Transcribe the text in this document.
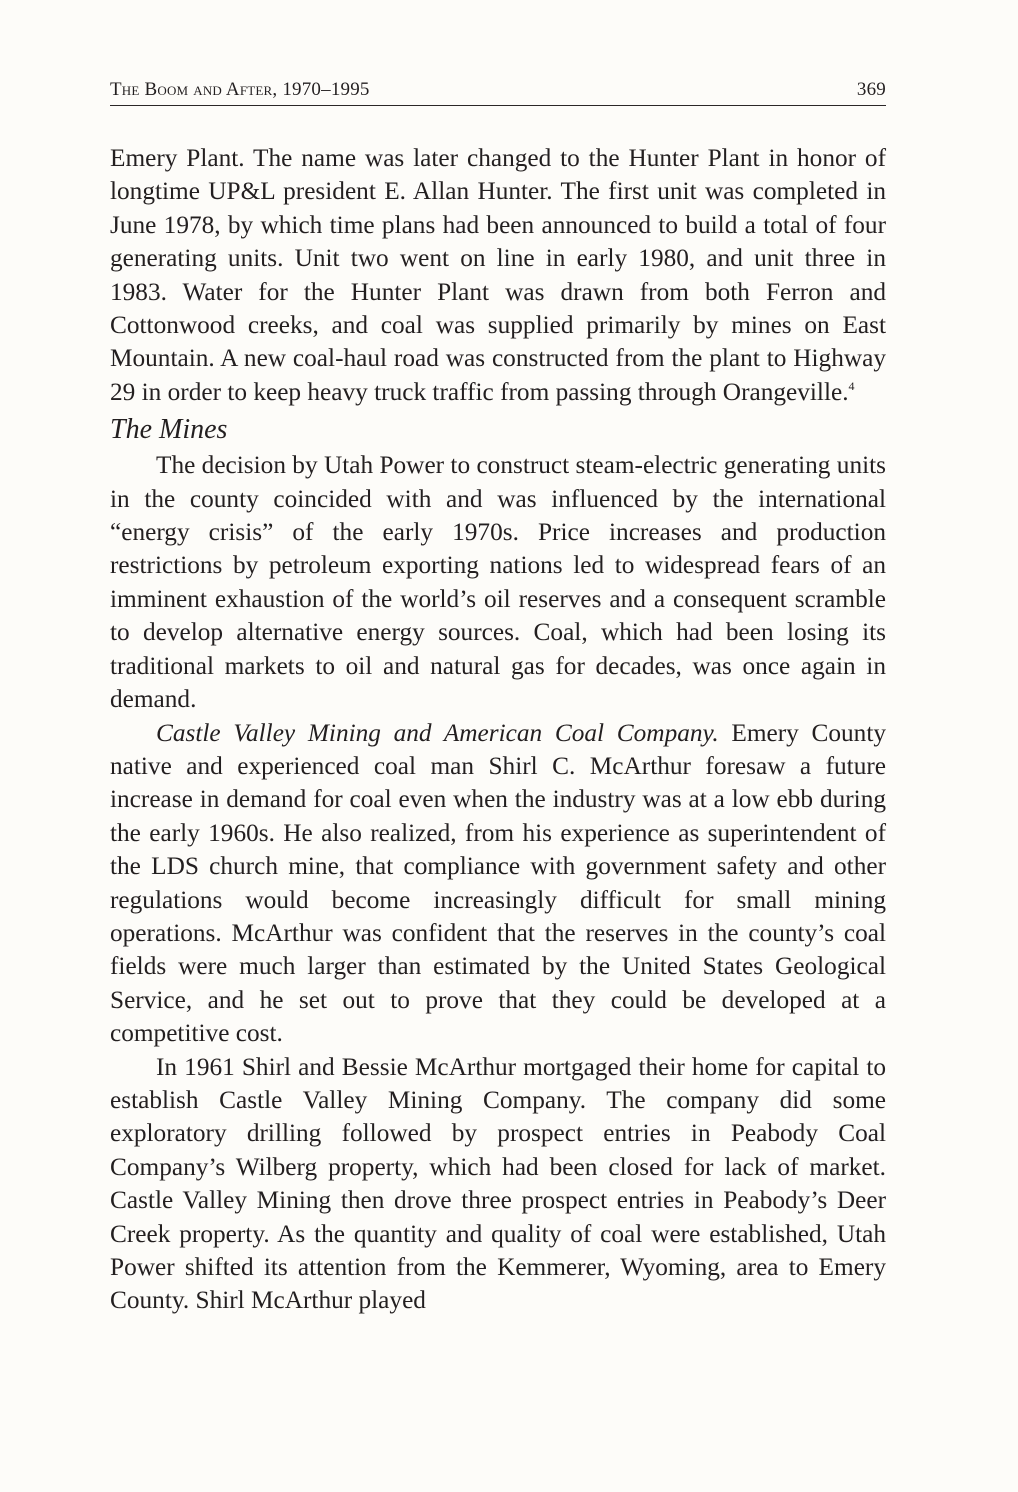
The Boom and After, 1970–1995	369

Emery Plant. The name was later changed to the Hunter Plant in honor of longtime UP&L president E. Allan Hunter. The first unit was completed in June 1978, by which time plans had been announced to build a total of four generating units. Unit two went on line in early 1980, and unit three in 1983. Water for the Hunter Plant was drawn from both Ferron and Cottonwood creeks, and coal was supplied primarily by mines on East Mountain. A new coal-haul road was constructed from the plant to Highway 29 in order to keep heavy truck traffic from passing through Orangeville.$^4$

The Mines

The decision by Utah Power to construct steam-electric generating units in the county coincided with and was influenced by the international “energy crisis” of the early 1970s. Price increases and production restrictions by petroleum exporting nations led to widespread fears of an imminent exhaustion of the world’s oil reserves and a consequent scramble to develop alternative energy sources. Coal, which had been losing its traditional markets to oil and natural gas for decades, was once again in demand.

Castle Valley Mining and American Coal Company. Emery County native and experienced coal man Shirl C. McArthur foresaw a future increase in demand for coal even when the industry was at a low ebb during the early 1960s. He also realized, from his experience as superintendent of the LDS church mine, that compliance with government safety and other regulations would become increasingly difficult for small mining operations. McArthur was confident that the reserves in the county’s coal fields were much larger than estimated by the United States Geological Service, and he set out to prove that they could be developed at a competitive cost.

In 1961 Shirl and Bessie McArthur mortgaged their home for capital to establish Castle Valley Mining Company. The company did some exploratory drilling followed by prospect entries in Peabody Coal Company’s Wilberg property, which had been closed for lack of market. Castle Valley Mining then drove three prospect entries in Peabody’s Deer Creek property. As the quantity and quality of coal were established, Utah Power shifted its attention from the Kemmerer, Wyoming, area to Emery County. Shirl McArthur played
